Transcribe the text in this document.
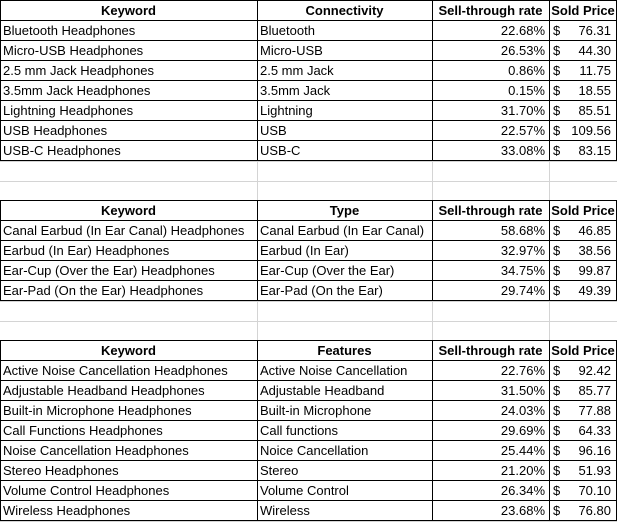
Keyword	Connectivity	Sell-through rate Sold Price
Bluetooth Headphones	Bluetooth	22.68% $ 76.31
Micro-USB Headphones	Micro-USB	26.53% $ 44.30
2.5 mm Jack Headphones	2.5 mm Jack	0.86% $ 11.75
3.5mm Jack Headphones	3.5mm Jack	0.15% $ 18.55
Lightning Headphones	Lightning	31.70% $ 85.51
USB Headphones	USB	22.57% $ 109.56
USB-C Headphones	USB-C	33.08% $ 83.15
Keyword	Type	Sell-through rate Sold Price
Canal Earbud (In Ear Canal) Headphones	Canal Earbud (In Ear Canal)	58.68% $ 46.85
Earbud (In Ear) Headphones	Earbud (In Ear)	32.97% $ 38.56
Ear-Cup (Over the Ear) Headphones	Ear-Cup (Over the Ear)	34.75% $ 99.87
Ear-Pad (On the Ear) Headphones	Ear-Pad (On the Ear)	29.74% $ 49.39
Keyword	Features	Sell-through rate Sold Price
Active Noise Cancellation Headphones	Active Noise Cancellation	22.76% $ 92.42
Adjustable Headband Headphones	Adjustable Headband	31.50% $ 85.77
Built-in Microphone Headphones	Built-in Microphone	24.03% $ 77.88
Call Functions Headphones	Call functions	29.69% $ 64.33
Noise Cancellation Headphones	Noice Cancellation	25.44% $ 96.16
Stereo Headphones	Stereo	21.20% $ 51.93
Volume Control Headphones	Volume Control	26.34% $ 70.10
Wireless Headphones	Wireless	23.68% $ 76.80
